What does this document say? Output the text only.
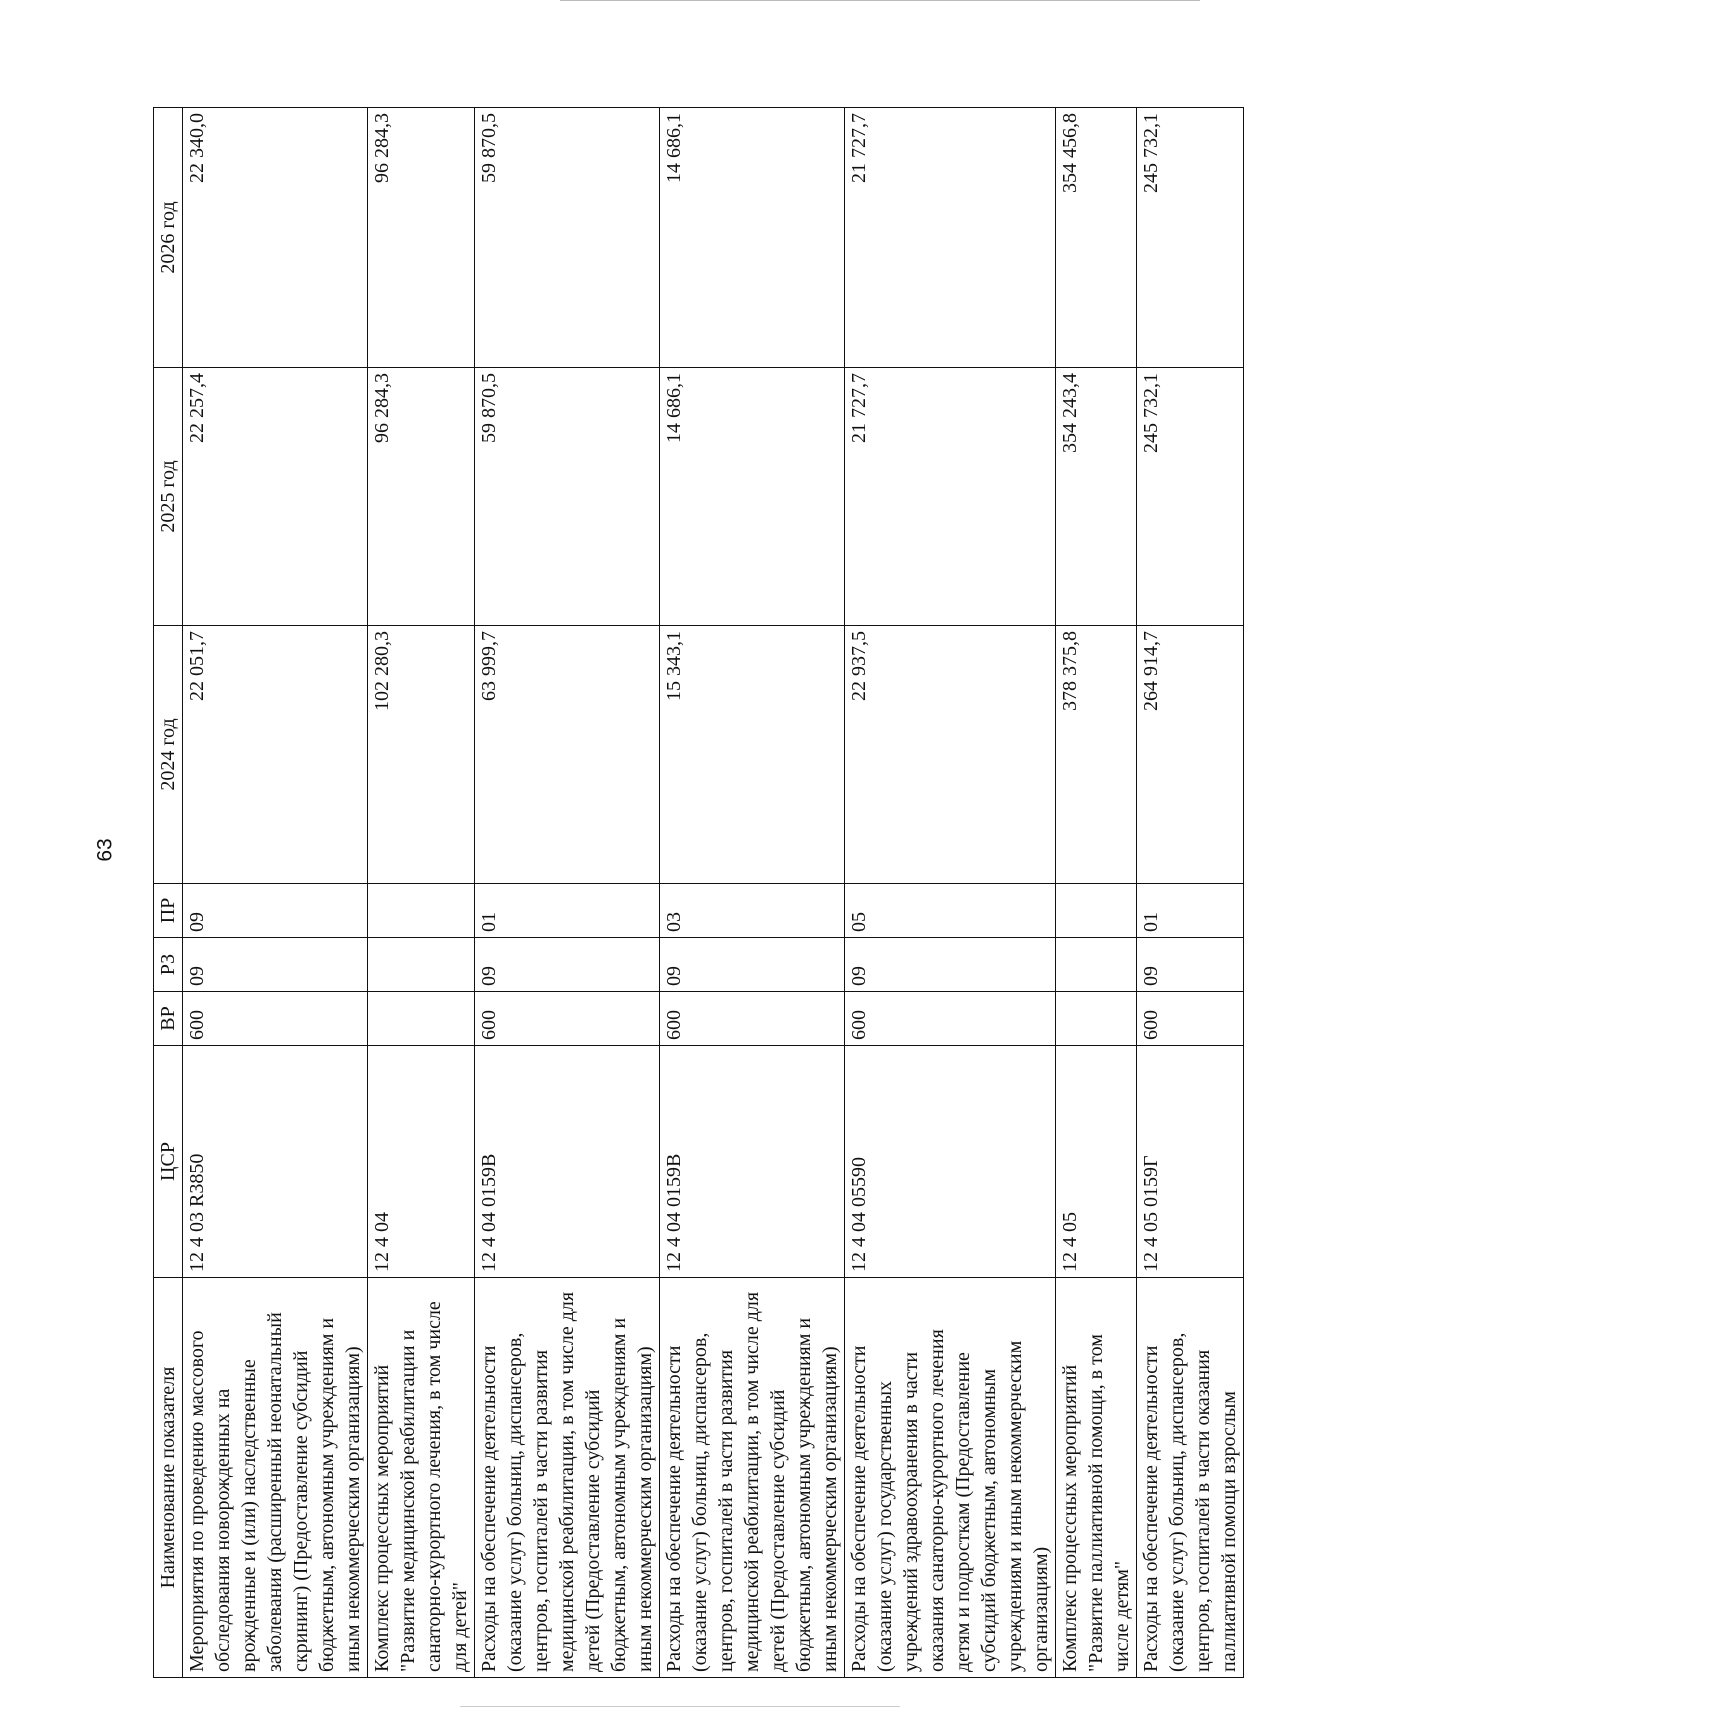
63
Наименование показателя	ЦСР	ВР	РЗ	ПР	2024 год	2025 год	2026 год
Мероприятия по проведению массового обследования новорожденных на врожденные и (или) наследственные заболевания (расширенный неонатальный скрининг) (Предоставление субсидий бюджетным, автономным учреждениям и иным некоммерческим организациям)	12 4 03 R3850	600	09	09	22 051,7	22 257,4	22 340,0
Комплекс процессных мероприятий "Развитие медицинской реабилитации и санаторно-курортного лечения, в том числе для детей"	12 4 04				102 280,3	96 284,3	96 284,3
Расходы на обеспечение деятельности (оказание услуг) больниц, диспансеров, центров, госпиталей в части развития медицинской реабилитации, в том числе для детей (Предоставление субсидий бюджетным, автономным учреждениям и иным некоммерческим организациям)	12 4 04 0159В	600	09	01	63 999,7	59 870,5	59 870,5
Расходы на обеспечение деятельности (оказание услуг) больниц, диспансеров, центров, госпиталей в части развития медицинской реабилитации, в том числе для детей (Предоставление субсидий бюджетным, автономным учреждениям и иным некоммерческим организациям)	12 4 04 0159В	600	09	03	15 343,1	14 686,1	14 686,1
Расходы на обеспечение деятельности (оказание услуг) государственных учреждений здравоохранения в части оказания санаторно-курортного лечения детям и подросткам (Предоставление субсидий бюджетным, автономным учреждениям и иным некоммерческим организациям)	12 4 04 05590	600	09	05	22 937,5	21 727,7	21 727,7
Комплекс процессных мероприятий "Развитие паллиативной помощи, в том числе детям"	12 4 05				378 375,8	354 243,4	354 456,8
Расходы на обеспечение деятельности (оказание услуг) больниц, диспансеров, центров, госпиталей в части оказания паллиативной помощи взрослым	12 4 05 0159Г	600	09	01	264 914,7	245 732,1	245 732,1
